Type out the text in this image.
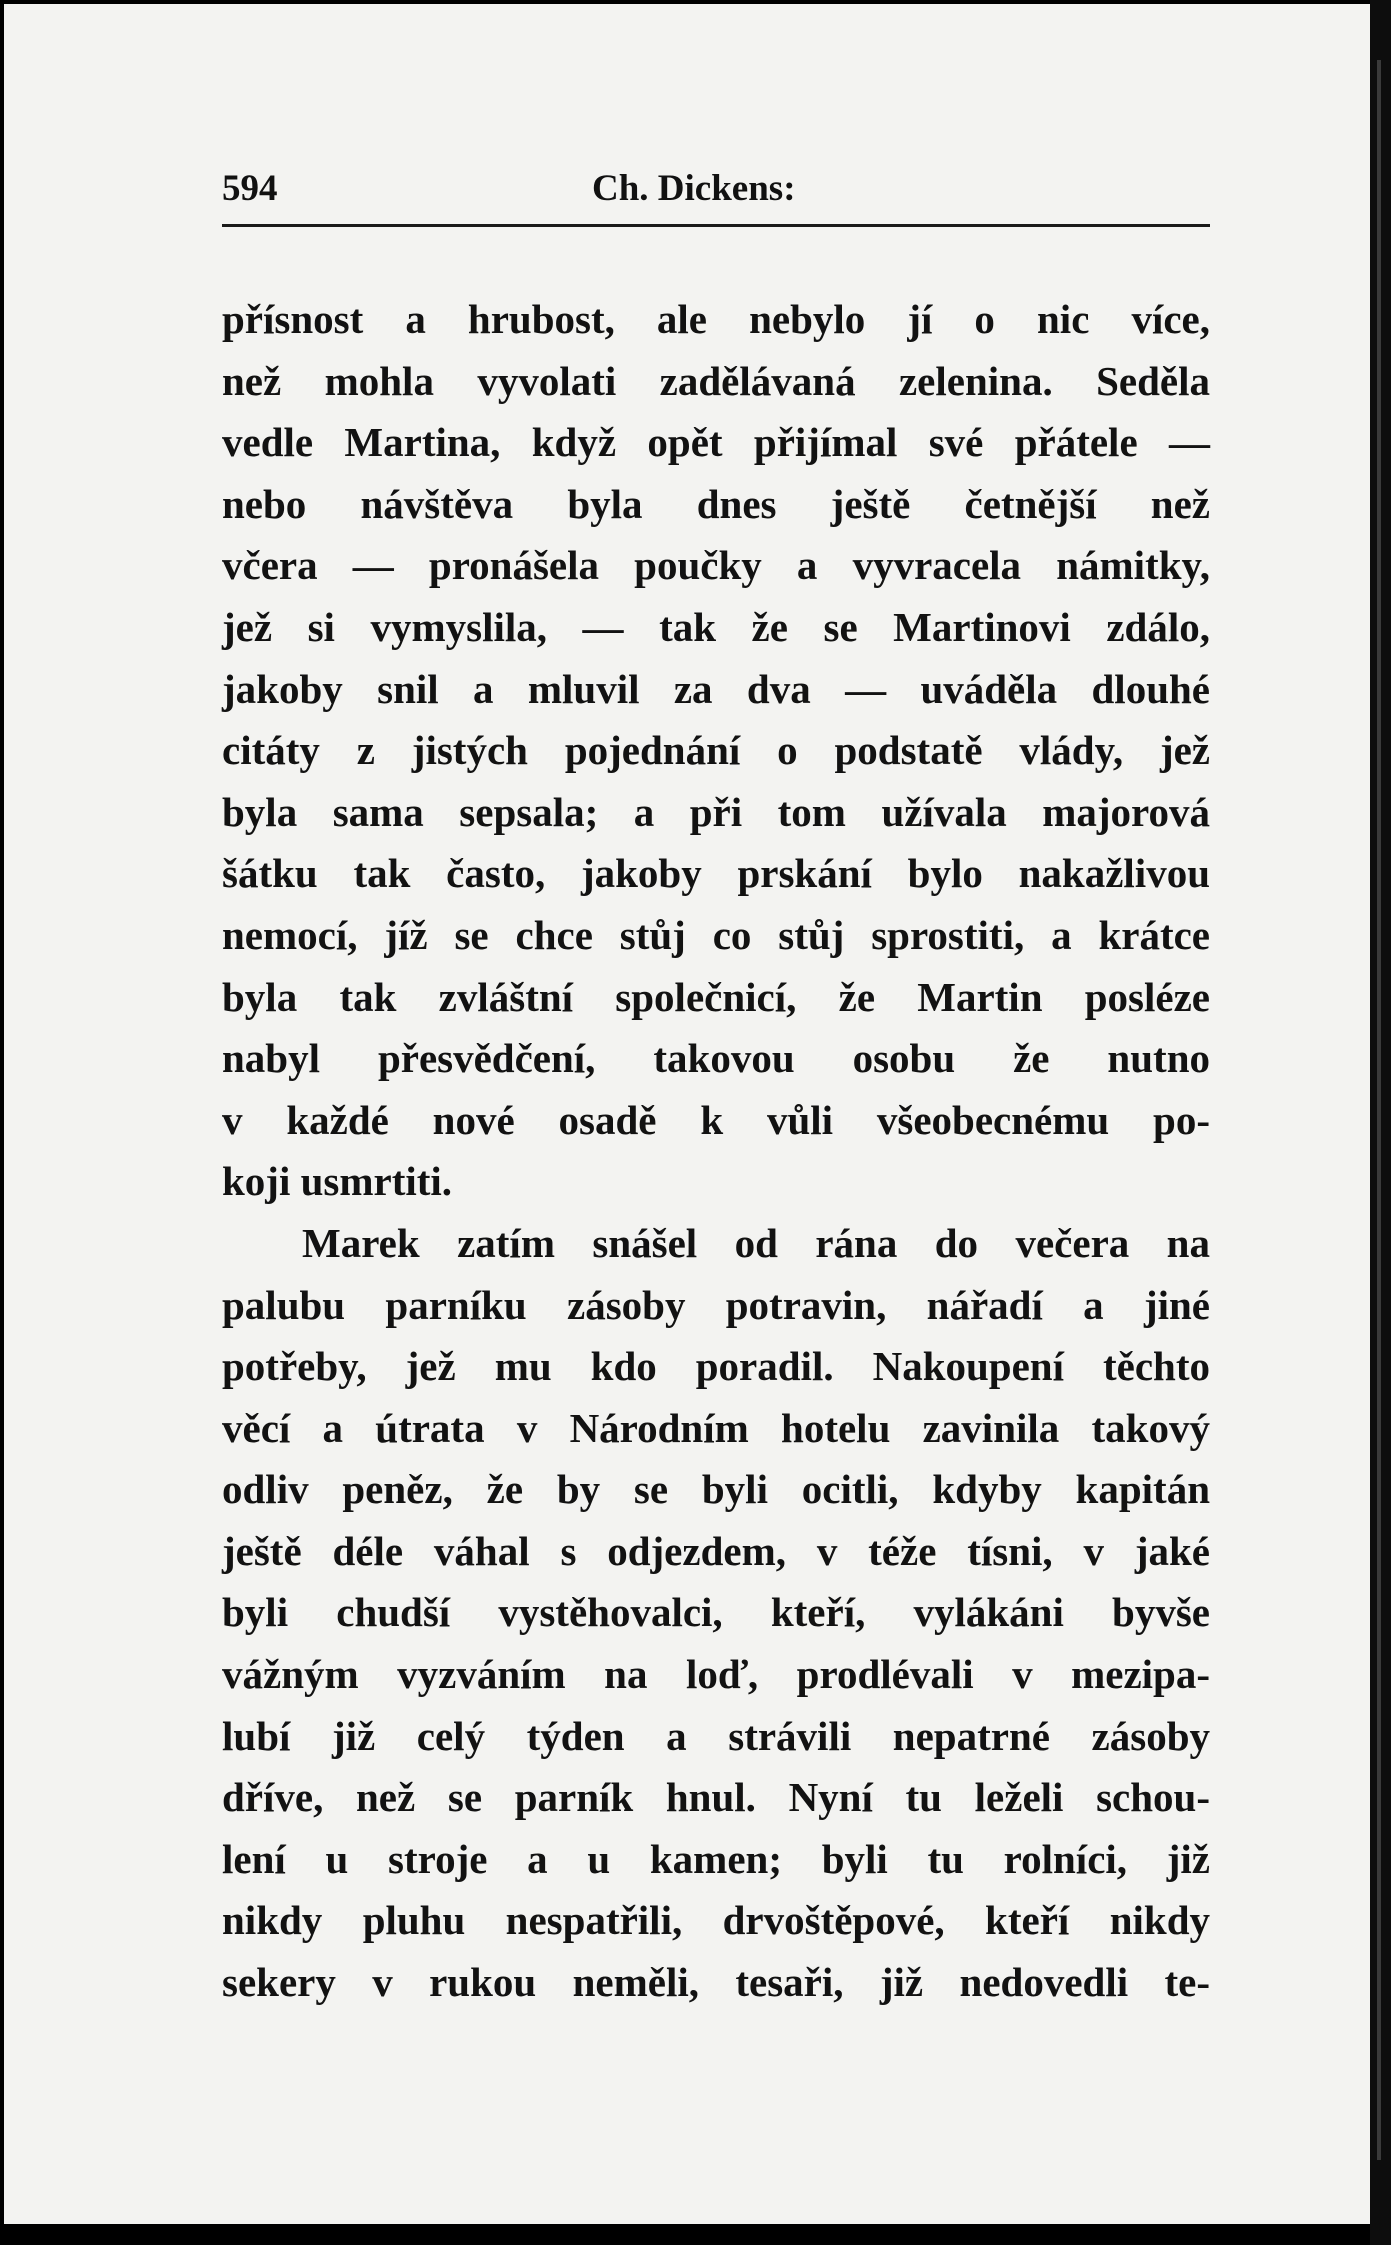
594	Ch. Dickens:
přísnost a hrubost, ale nebylo jí o nic více,
než mohla vyvolati zadělávaná zelenina. Seděla
vedle Martina, když opět přijímal své přátele —
nebo návštěva byla dnes ještě četnější než
včera — pronášela poučky a vyvracela námitky,
jež si vymyslila, — tak že se Martinovi zdálo,
jakoby snil a mluvil za dva — uváděla dlouhé
citáty z jistých pojednání o podstatě vlády, jež
byla sama sepsala; a při tom užívala majorová
šátku tak často, jakoby prskání bylo nakažlivou
nemocí, jíž se chce stůj co stůj sprostiti, a krátce
byla tak zvláštní společnicí, že Martin posléze
nabyl přesvědčení, takovou osobu že nutno
v každé nové osadě k vůli všeobecnému po-
koji usmrtiti.
Marek zatím snášel od rána do večera na
palubu parníku zásoby potravin, nářadí a jiné
potřeby, jež mu kdo poradil. Nakoupení těchto
věcí a útrata v Národním hotelu zavinila takový
odliv peněz, že by se byli ocitli, kdyby kapitán
ještě déle váhal s odjezdem, v téže tísni, v jaké
byli chudší vystěhovalci, kteří, vylákáni byvše
vážným vyzváním na loď, prodlévali v mezipa-
lubí již celý týden a strávili nepatrné zásoby
dříve, než se parník hnul. Nyní tu leželi schou-
lení u stroje a u kamen; byli tu rolníci, již
nikdy pluhu nespatřili, drvoštěpové, kteří nikdy
sekery v rukou neměli, tesaři, již nedovedli te-
